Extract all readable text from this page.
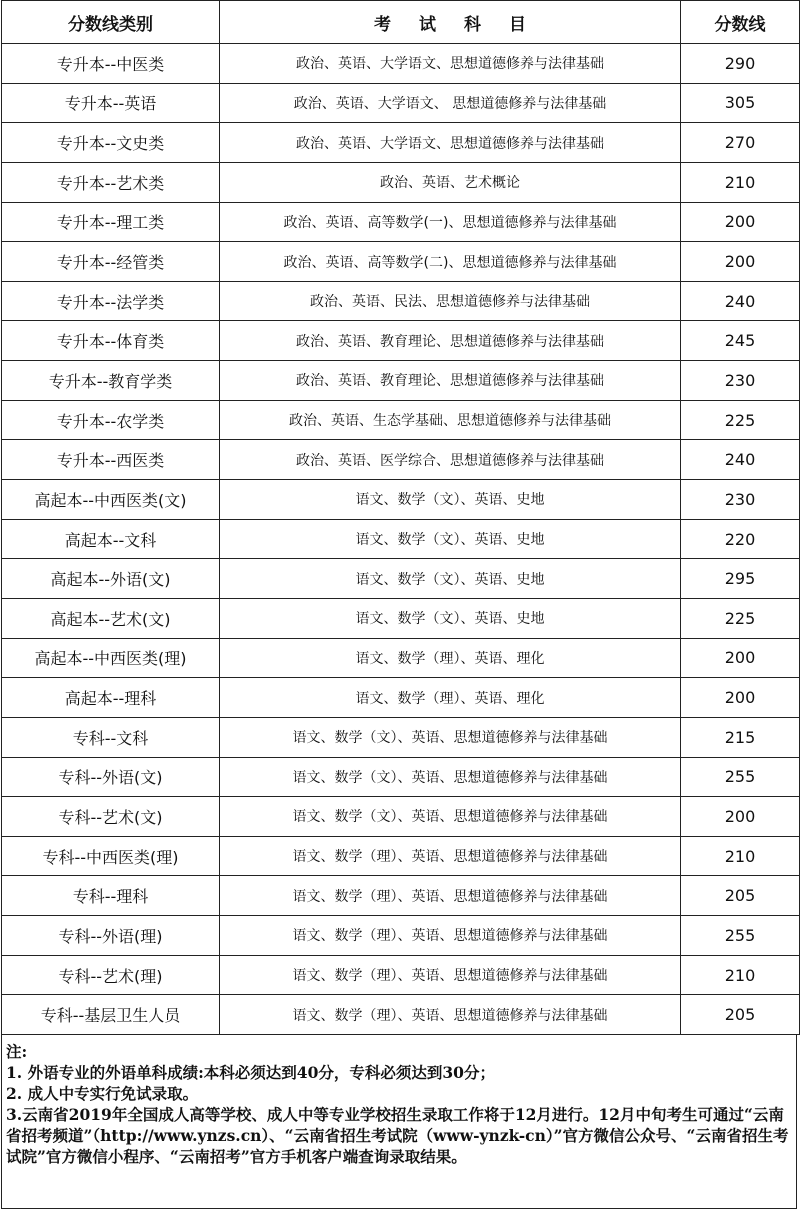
分数线类别	考试科目	分数线
专升本--中医类	政治、英语、大学语文、思想道德修养与法律基础	290
专升本--英语	政治、英语、大学语文、 思想道德修养与法律基础	305
专升本--文史类	政治、英语、大学语文、思想道德修养与法律基础	270
专升本--艺术类	政治、英语、艺术概论	210
专升本--理工类	政治、英语、高等数学(一)、思想道德修养与法律基础	200
专升本--经管类	政治、英语、高等数学(二)、思想道德修养与法律基础	200
专升本--法学类	政治、英语、民法、思想道德修养与法律基础	240
专升本--体育类	政治、英语、教育理论、思想道德修养与法律基础	245
专升本--教育学类	政治、英语、教育理论、思想道德修养与法律基础	230
专升本--农学类	政治、英语、生态学基础、思想道德修养与法律基础	225
专升本--西医类	政治、英语、医学综合、思想道德修养与法律基础	240
高起本--中西医类(文)	语文、数学（文）、英语、史地	230
高起本--文科	语文、数学（文）、英语、史地	220
高起本--外语(文)	语文、数学（文）、英语、史地	295
高起本--艺术(文)	语文、数学（文）、英语、史地	225
高起本--中西医类(理)	语文、数学（理）、英语、理化	200
高起本--理科	语文、数学（理）、英语、理化	200
专科--文科	语文、数学（文）、英语、思想道德修养与法律基础	215
专科--外语(文)	语文、数学（文）、英语、思想道德修养与法律基础	255
专科--艺术(文)	语文、数学（文）、英语、思想道德修养与法律基础	200
专科--中西医类(理)	语文、数学（理）、英语、思想道德修养与法律基础	210
专科--理科	语文、数学（理）、英语、思想道德修养与法律基础	205
专科--外语(理)	语文、数学（理）、英语、思想道德修养与法律基础	255
专科--艺术(理)	语文、数学（理）、英语、思想道德修养与法律基础	210
专科--基层卫生人员	语文、数学（理）、英语、思想道德修养与法律基础	205

注:

1. 外语专业的外语单科成绩:本科必须达到40分，专科必须达到30分；

2. 成人中专实行免试录取。

3.云南省2019年全国成人高等学校、成人中等专业学校招生录取工作将于12月进行。12月中旬考生可通过“云南省招考频道”（http://www.ynzs.cn）、“云南省招生考试院（www-ynzk-cn）”官方微信公众号、“云南省招生考试院”官方微信小程序、“云南招考”官方手机客户端查询录取结果。
